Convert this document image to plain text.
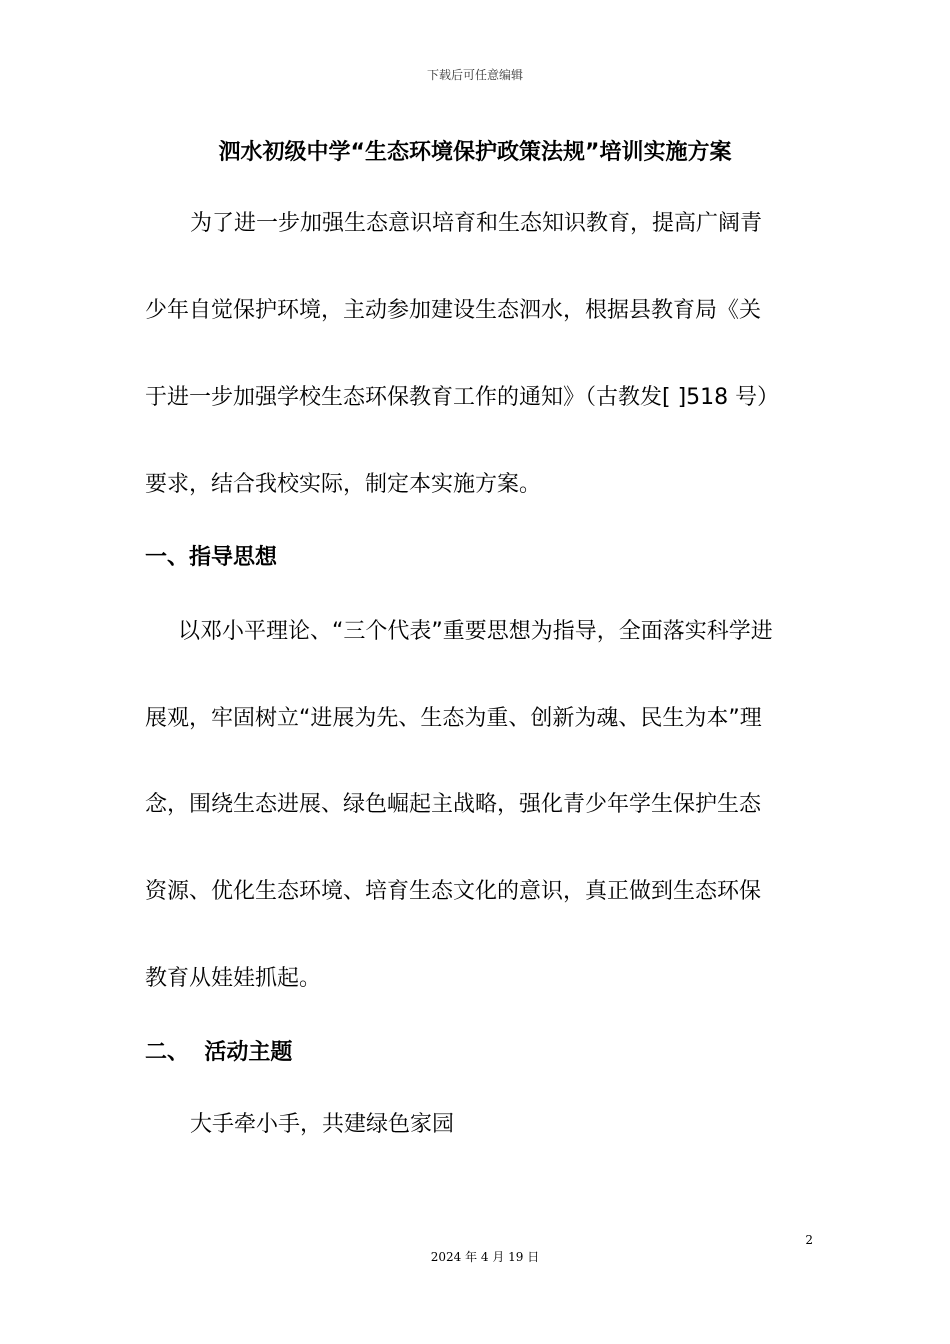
下载后可任意编辑
泗水初级中学“生态环境保护政策法规”培训实施方案
为了进一步加强生态意识培育和生态知识教育，提高广阔青
少年自觉保护环境，主动参加建设生态泗水，根据县教育局《关
于进一步加强学校生态环保教育工作的通知》（古教发[ ]518 号）
要求，结合我校实际，制定本实施方案。
一、指导思想
以邓小平理论、“三个代表”重要思想为指导，全面落实科学进
展观，牢固树立“进展为先、生态为重、创新为魂、民生为本”理
念，围绕生态进展、绿色崛起主战略，强化青少年学生保护生态
资源、优化生态环境、培育生态文化的意识，真正做到生态环保
教育从娃娃抓起。
二、  活动主题
大手牵小手，共建绿色家园
2
2024 年 4 月 19 日
